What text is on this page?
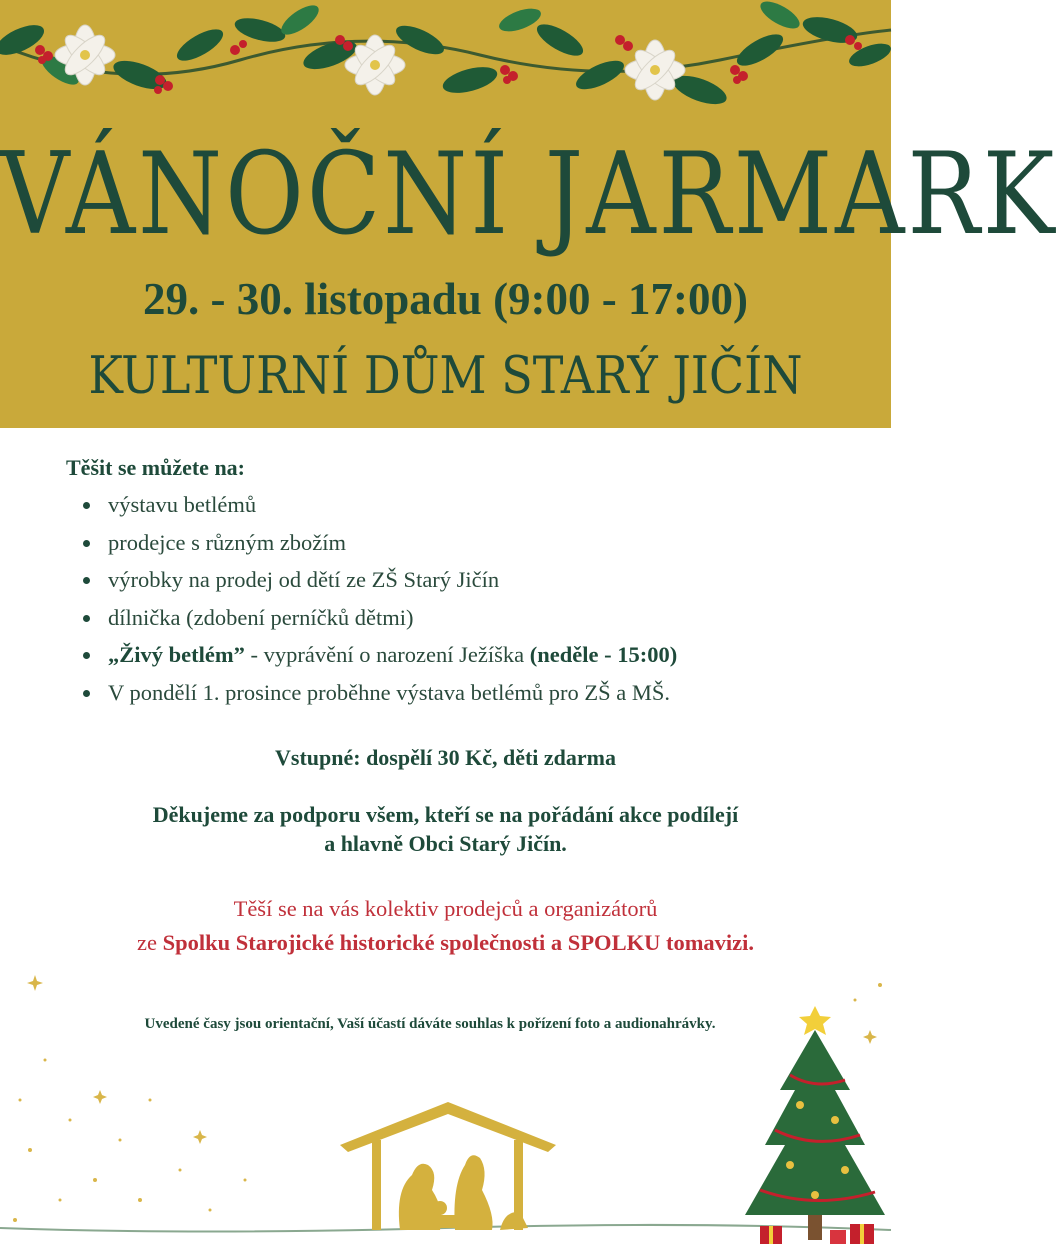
VÁNOČNÍ JARMARK
29. - 30. listopadu (9:00 - 17:00)
KULTURNÍ DŮM STARÝ JIČÍN
Těšit se můžete na:
výstavu betlémů
prodejce s různým zbožím
výrobky na prodej od dětí ze ZŠ Starý Jičín
dílnička (zdobení perníčků dětmi)
„Živý betlém” - vyprávění o narození Ježíška (neděle - 15:00)
V pondělí 1. prosince proběhne výstava betlémů pro ZŠ a MŠ.
Vstupné: dospělí 30 Kč, děti zdarma
Děkujeme za podporu všem, kteří se na pořádání akce podílejí
a hlavně Obci Starý Jičín.
Těší se na vás kolektiv prodejců a organizátorů
ze Spolku Starojické historické společnosti a SPOLKU tomavizi.
Uvedené časy jsou orientační, Vaší účastí dáváte souhlas k pořízení foto a audionahrávky.
